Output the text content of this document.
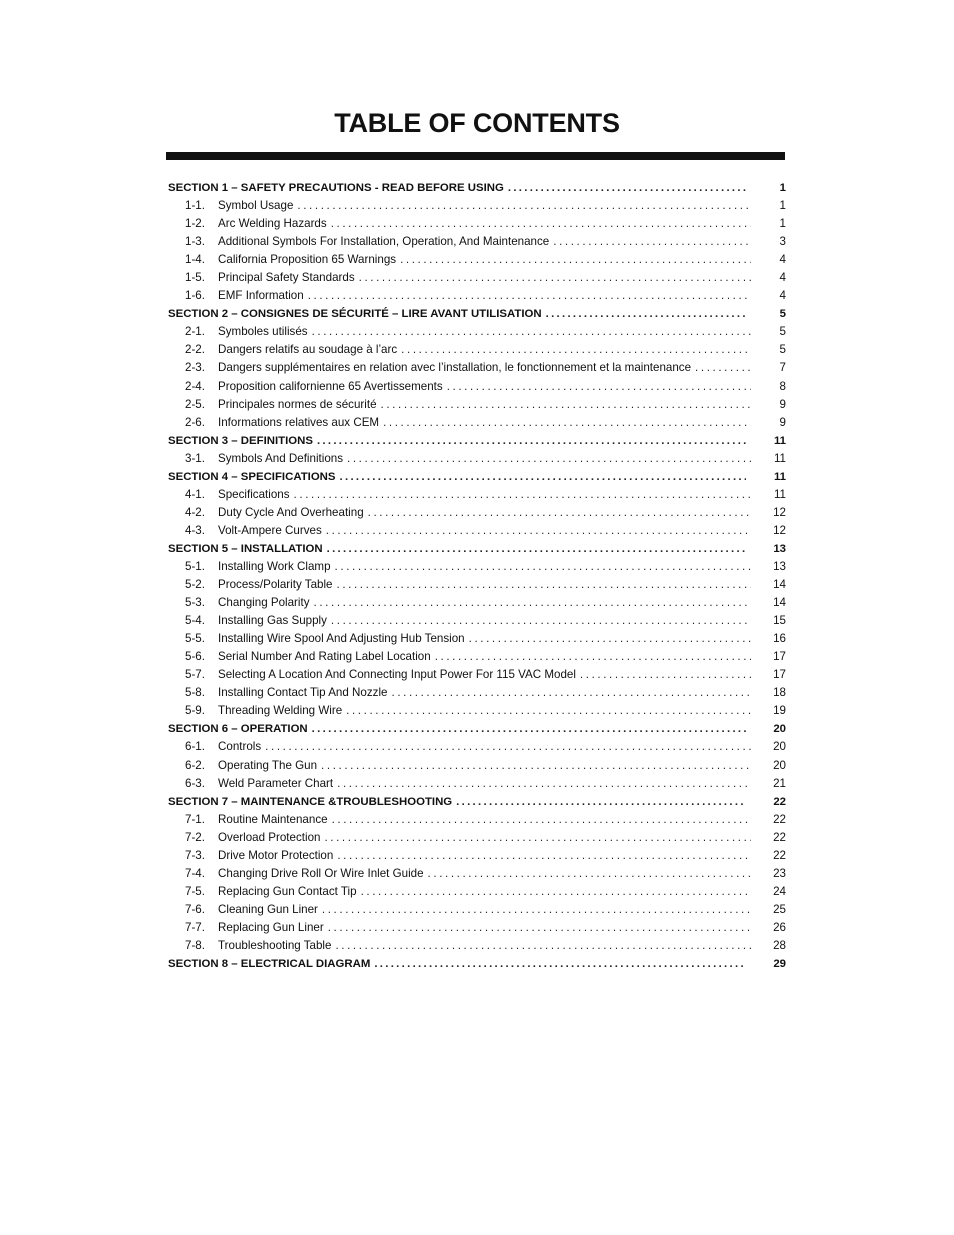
TABLE OF CONTENTS
SECTION 1 – SAFETY PRECAUTIONS - READ BEFORE USING .....	1
1-1. Symbol Usage .....	1
1-2. Arc Welding Hazards .....	1
1-3. Additional Symbols For Installation, Operation, And Maintenance .....	3
1-4. California Proposition 65 Warnings .....	4
1-5. Principal Safety Standards .....	4
1-6. EMF Information .....	4
SECTION 2 – CONSIGNES DE SÉCURITÉ – LIRE AVANT UTILISATION .....	5
2-1. Symboles utilisés .....	5
2-2. Dangers relatifs au soudage à l’arc .....	5
2-3. Dangers supplémentaires en relation avec l’installation, le fonctionnement et la maintenance .....	7
2-4. Proposition californienne 65 Avertissements .....	8
2-5. Principales normes de sécurité .....	9
2-6. Informations relatives aux CEM .....	9
SECTION 3 – DEFINITIONS .....	11
3-1. Symbols And Definitions .....	11
SECTION 4 – SPECIFICATIONS .....	11
4-1. Specifications .....	11
4-2. Duty Cycle And Overheating .....	12
4-3. Volt-Ampere Curves .....	12
SECTION 5 – INSTALLATION .....	13
5-1. Installing Work Clamp .....	13
5-2. Process/Polarity Table .....	14
5-3. Changing Polarity .....	14
5-4. Installing Gas Supply .....	15
5-5. Installing Wire Spool And Adjusting Hub Tension .....	16
5-6. Serial Number And Rating Label Location .....	17
5-7. Selecting A Location And Connecting Input Power For 115 VAC Model .....	17
5-8. Installing Contact Tip And Nozzle .....	18
5-9. Threading Welding Wire .....	19
SECTION 6 – OPERATION .....	20
6-1. Controls .....	20
6-2. Operating The Gun .....	20
6-3. Weld Parameter Chart .....	21
SECTION 7 – MAINTENANCE &TROUBLESHOOTING .....	22
7-1. Routine Maintenance .....	22
7-2. Overload Protection .....	22
7-3. Drive Motor Protection .....	22
7-4. Changing Drive Roll Or Wire Inlet Guide .....	23
7-5. Replacing Gun Contact Tip .....	24
7-6. Cleaning Gun Liner .....	25
7-7. Replacing Gun Liner .....	26
7-8. Troubleshooting Table .....	28
SECTION 8 – ELECTRICAL DIAGRAM .....	29
